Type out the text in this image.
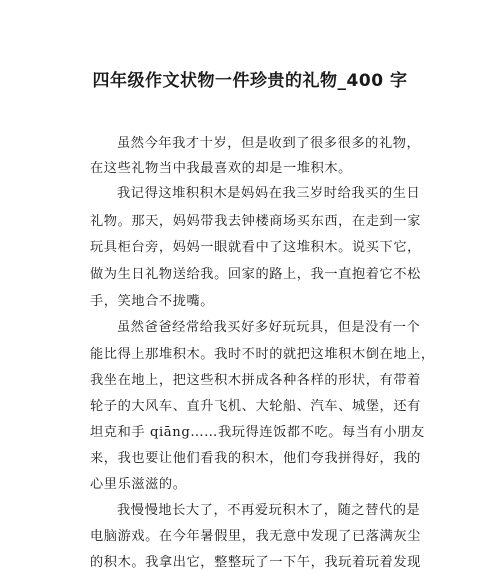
四年级作文状物一件珍贵的礼物_400 字
虽然今年我才十岁，但是收到了很多很多的礼物，
在这些礼物当中我最喜欢的却是一堆积木。
我记得这堆积积木是妈妈在我三岁时给我买的生日
礼物。那天，妈妈带我去钟楼商场买东西，在走到一家
玩具柜台旁，妈妈一眼就看中了这堆积木。说买下它，
做为生日礼物送给我。回家的路上，我一直抱着它不松
手，笑地合不拢嘴。
虽然爸爸经常给我买好多好玩玩具，但是没有一个
能比得上那堆积木。我时不时的就把这堆积木倒在地上，
我坐在地上，把这些积木拼成各种各样的形状，有带着
轮子的大风车、直升飞机、大轮船、汽车、城堡，还有
坦克和手 qiāng……我玩得连饭都不吃。每当有小朋友
来，我也要让他们看我的积木，他们夸我拼得好，我的
心里乐滋滋的。
我慢慢地长大了，不再爱玩积木了，随之替代的是
电脑游戏。在今年暑假里，我无意中发现了已落满灰尘
的积木。我拿出它，整整玩了一下午，我玩着玩着发现
